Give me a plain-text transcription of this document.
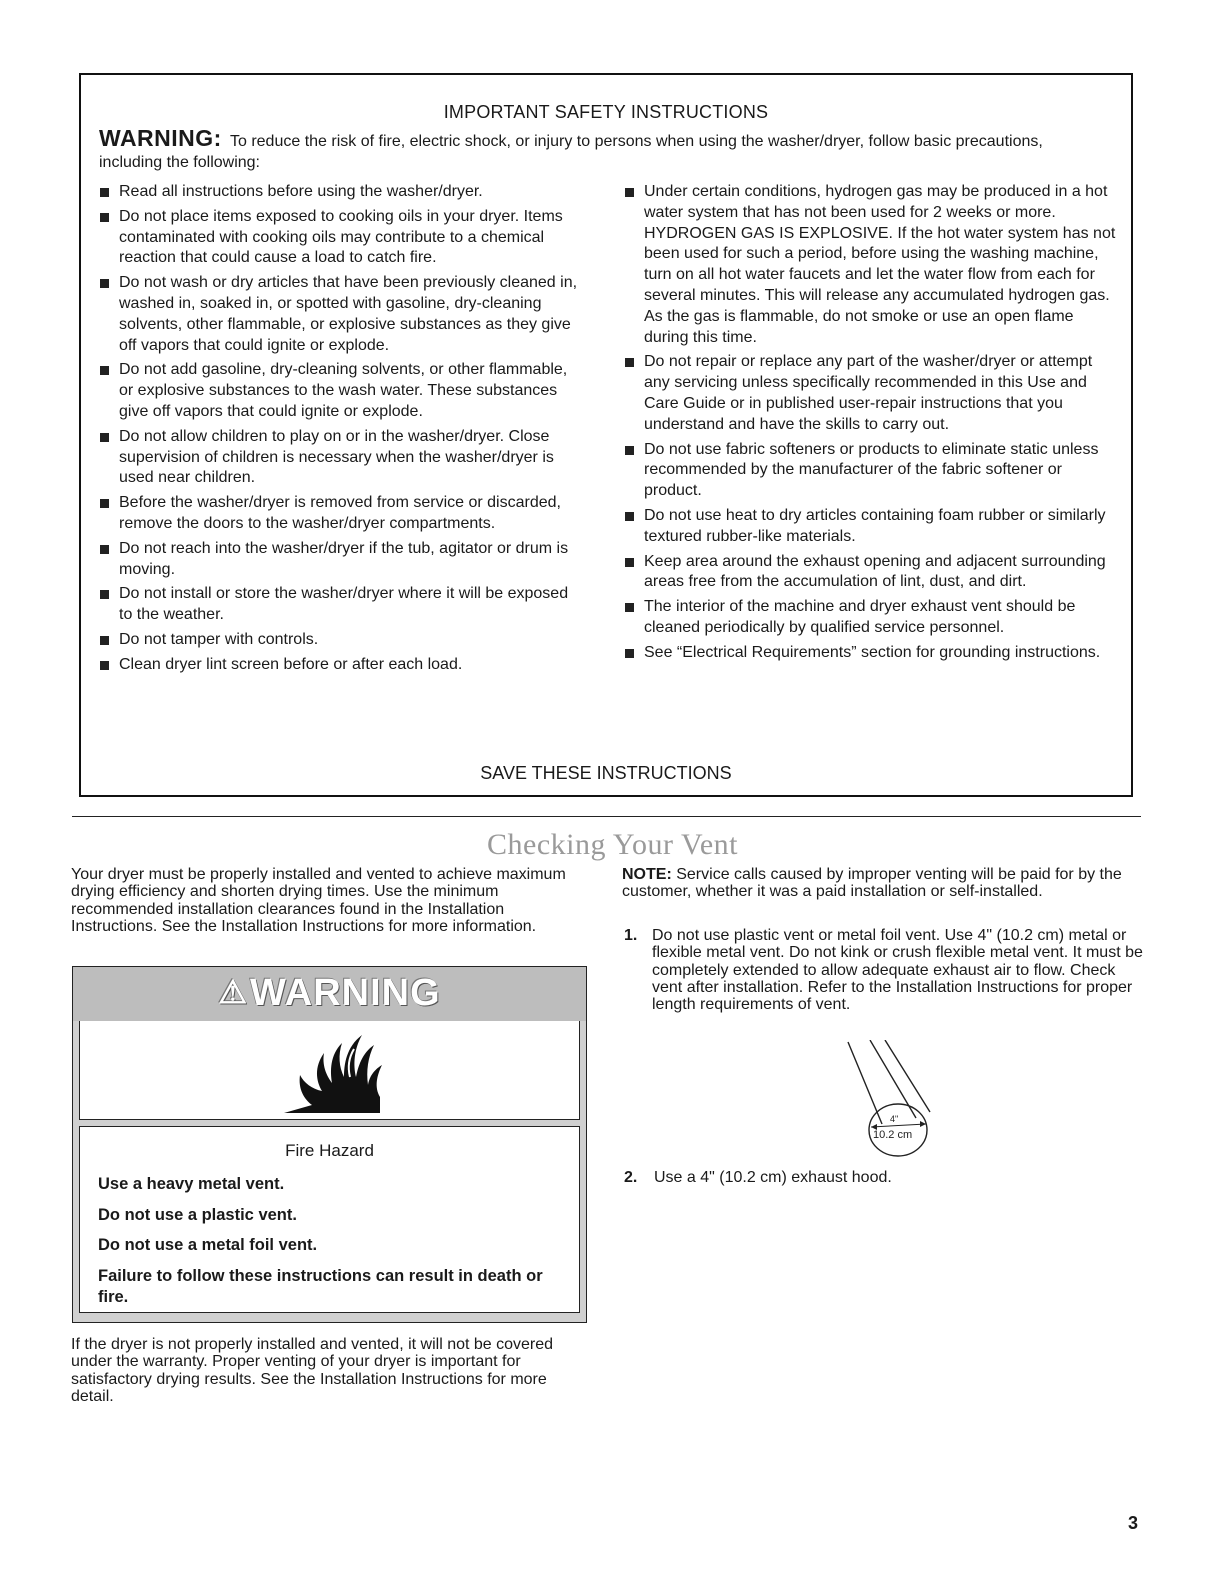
IMPORTANT SAFETY INSTRUCTIONS
WARNING: To reduce the risk of fire, electric shock, or injury to persons when using the washer/dryer, follow basic precautions, including the following:
Read all instructions before using the washer/dryer.
Do not place items exposed to cooking oils in your dryer. Items contaminated with cooking oils may contribute to a chemical reaction that could cause a load to catch fire.
Do not wash or dry articles that have been previously cleaned in, washed in, soaked in, or spotted with gasoline, dry-cleaning solvents, other flammable, or explosive substances as they give off vapors that could ignite or explode.
Do not add gasoline, dry-cleaning solvents, or other flammable, or explosive substances to the wash water. These substances give off vapors that could ignite or explode.
Do not allow children to play on or in the washer/dryer. Close supervision of children is necessary when the washer/dryer is used near children.
Before the washer/dryer is removed from service or discarded, remove the doors to the washer/dryer compartments.
Do not reach into the washer/dryer if the tub, agitator or drum is moving.
Do not install or store the washer/dryer where it will be exposed to the weather.
Do not tamper with controls.
Clean dryer lint screen before or after each load.
Under certain conditions, hydrogen gas may be produced in a hot water system that has not been used for 2 weeks or more. HYDROGEN GAS IS EXPLOSIVE. If the hot water system has not been used for such a period, before using the washing machine, turn on all hot water faucets and let the water flow from each for several minutes. This will release any accumulated hydrogen gas. As the gas is flammable, do not smoke or use an open flame during this time.
Do not repair or replace any part of the washer/dryer or attempt any servicing unless specifically recommended in this Use and Care Guide or in published user-repair instructions that you understand and have the skills to carry out.
Do not use fabric softeners or products to eliminate static unless recommended by the manufacturer of the fabric softener or product.
Do not use heat to dry articles containing foam rubber or similarly textured rubber-like materials.
Keep area around the exhaust opening and adjacent surrounding areas free from the accumulation of lint, dust, and dirt.
The interior of the machine and dryer exhaust vent should be cleaned periodically by qualified service personnel.
See “Electrical Requirements” section for grounding instructions.
SAVE THESE INSTRUCTIONS
Checking Your Vent

Your dryer must be properly installed and vented to achieve maximum drying efficiency and shorten drying times. Use the minimum recommended installation clearances found in the Installation Instructions. See the Installation Instructions for more information.

⚠WARNING
Fire Hazard
Use a heavy metal vent.
Do not use a plastic vent.
Do not use a metal foil vent.
Failure to follow these instructions can result in death or fire.

If the dryer is not properly installed and vented, it will not be covered under the warranty. Proper venting of your dryer is important for satisfactory drying results. See the Installation Instructions for more detail.

NOTE: Service calls caused by improper venting will be paid for by the customer, whether it was a paid installation or self-installed.

1. Do not use plastic vent or metal foil vent. Use 4" (10.2 cm) metal or flexible metal vent. Do not kink or crush flexible metal vent. It must be completely extended to allow adequate exhaust air to flow. Check vent after installation. Refer to the Installation Instructions for proper length requirements of vent.
4"
10.2 cm
2. Use a 4" (10.2 cm) exhaust hood.
3
